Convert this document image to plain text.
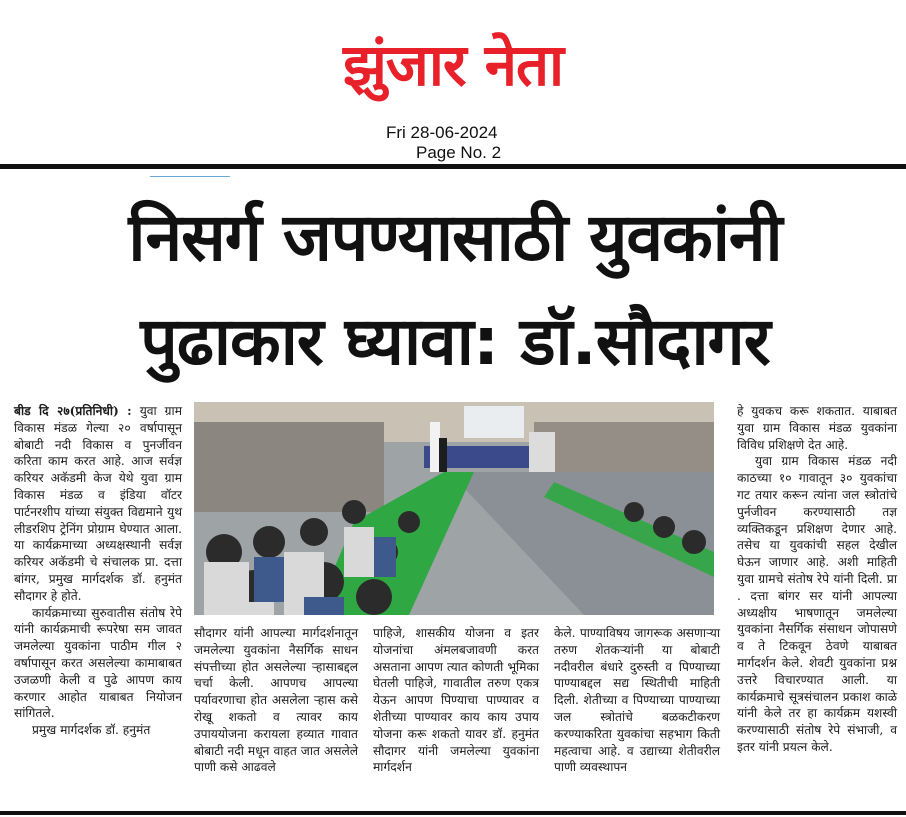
झुंजार नेता
Fri 28-06-2024
Page No. 2
निसर्ग जपण्यासाठी युवकांनी
पुढाकार घ्यावा: डॉ.सौदागर

बीड दि २७(प्रतिनिधी) : युवा ग्राम विकास मंडळ गेल्या २० वर्षापासून बोबाटी नदी विकास व पुनर्जीवन करिता काम करत आहे. आज सर्वज्ञ करियर अकॅडमी केज येथे युवा ग्राम विकास मंडळ व इंडिया वॉटर पार्टनरशीप यांच्या संयुक्त विद्यमाने युथ लीडरशिप ट्रेनिंग प्रोग्राम घेण्यात आला. या कार्यक्रमाच्या अध्यक्षस्थानी सर्वज्ञ करियर अकॅडमी चे संचालक प्रा. दत्ता बांगर, प्रमुख मार्गदर्शक डॉ. हनुमंत सौदागर हे होते.

कार्यक्रमाच्या सुरुवातीस संतोष रेपे यांनी कार्यक्रमाची रूपरेषा सम जावत जमलेल्या युवकांना पाठीम गील २ वर्षापासून करत असलेल्या कामाबाबत उजळणी केली व पुढे आपण काय करणार आहोत याबाबत नियोजन सांगितले.

प्रमुख मार्गदर्शक डॉ. हनुमंत

सौदागर यांनी आपल्या मार्गदर्शनातून जमलेल्या युवकांना नैसर्गिक साधन संपत्तीच्या होत असलेल्या ऱ्हासाबद्दल चर्चा केली. आपणच आपल्या पर्यावरणाचा होत असलेला ऱ्हास कसे रोखू शकतो व त्यावर काय उपाययोजना करायला हव्यात गावात बोबाटी नदी मधून वाहत जात असलेले पाणी कसे आढवले

पाहिजे, शासकीय योजना व इतर योजनांचा अंमलबजावणी करत असताना आपण त्यात कोणती भूमिका घेतली पाहिजे, गावातील तरुण एकत्र येऊन आपण पिण्याचा पाण्यावर व शेतीच्या पाण्यावर काय काय उपाय योजना करू शकतो यावर डॉ. हनुमंत सौदागर यांनी जमलेल्या युवकांना मार्गदर्शन

केले. पाण्याविषय जागरूक असणाऱ्या तरुण शेतकऱ्यांनी या बोबाटी नदीवरील बंधारे दुरुस्ती व पिण्याच्या पाण्याबद्दल सद्य स्थितीची माहिती दिली. शेतीच्या व पिण्याच्या पाण्याच्या जल स्त्रोतांचे बळकटीकरण करण्याकरिता युवकांचा सहभाग किती महत्वाचा आहे. व उद्याच्या शेतीवरील पाणी व्यवस्थापन

हे युवकच करू शकतात. याबाबत युवा ग्राम विकास मंडळ युवकांना विविध प्रशिक्षणे देत आहे.

युवा ग्राम विकास मंडळ नदी काठच्या १० गावातून ३० युवकांचा गट तयार करून त्यांना जल स्त्रोतांचे पुर्नजीवन करण्यासाठी तज्ञ व्यक्तिकडून प्रशिक्षण देणार आहे. तसेच या युवकांची सहल देखील घेऊन जाणार आहे. अशी माहिती युवा ग्रामचे संतोष रेपे यांनी दिली. प्रा . दत्ता बांगर सर यांनी आपल्या अध्यक्षीय भाषणातून जमलेल्या युवकांना नैसर्गिक संसाधन जोपासणे व ते टिकवून ठेवणे याबाबत मार्गदर्शन केले. शेवटी युवकांना प्रश्न उत्तरे विचारण्यात आली. या कार्यक्रमाचे सूत्रसंचालन प्रकाश काळे यांनी केले तर हा कार्यक्रम यशस्वी करण्यासाठी संतोष रेपे संभाजी, व इतर यांनी प्रयत्न केले.
